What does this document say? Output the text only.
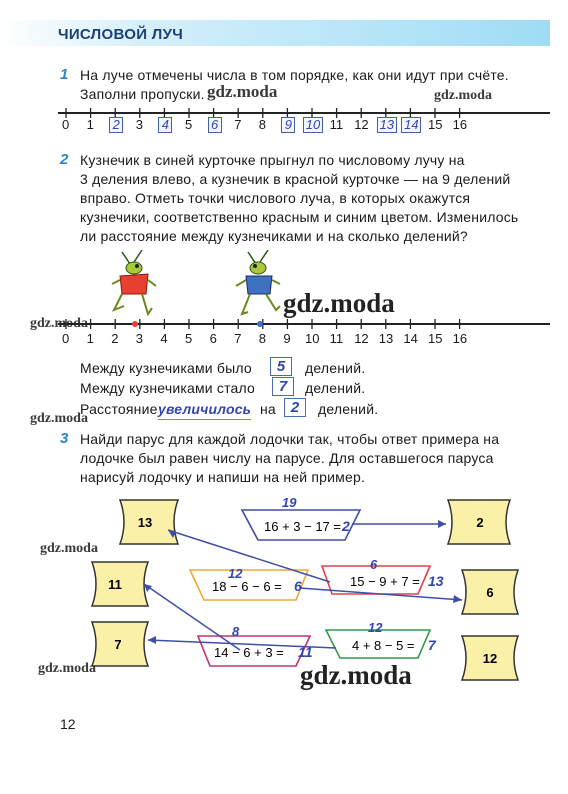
ЧИСЛОВОЙ ЛУЧ
1 На луче отмечены числа в том порядке, как они идут при счёте.
Заполни пропуски. gdz.moda	gdz.moda
0 1 2 3 4 5 6 7 8 9 10 11 12 13 14 15 16
2 Кузнечик в синей курточке прыгнул по числовому лучу на
3 деления влево, а кузнечик в красной курточке — на 9 делений
вправо. Отметь точки числового луча, в которых окажутся
кузнечики, соответственно красным и синим цветом. Изменилось
ли расстояние между кузнечиками и на сколько делений?
gdz.moda
gdz.moda
0 1 2 3 4 5 6 7 8 9 10 11 12 13 14 15 16
Между кузнечиками было	5	делений.
Между кузнечиками стало	7	делений.
Расстояние увеличилось на 2	делений.
gdz.moda
3 Найди парус для каждой лодочки так, чтобы ответ примера на
лодочке был равен числу на парусе. Для оставшегося паруса
нарисуй лодочку и напиши на ней пример.
13
11
7
2
6
12
16 + 3 − 17 = 2
19
18 − 6 − 6 = 6
12
15 − 9 + 7 = 13
6
14 − 6 + 3 = 11
8
4 + 8 − 5 = 7
12
gdz.moda
gdz.moda	gdz.moda
12
